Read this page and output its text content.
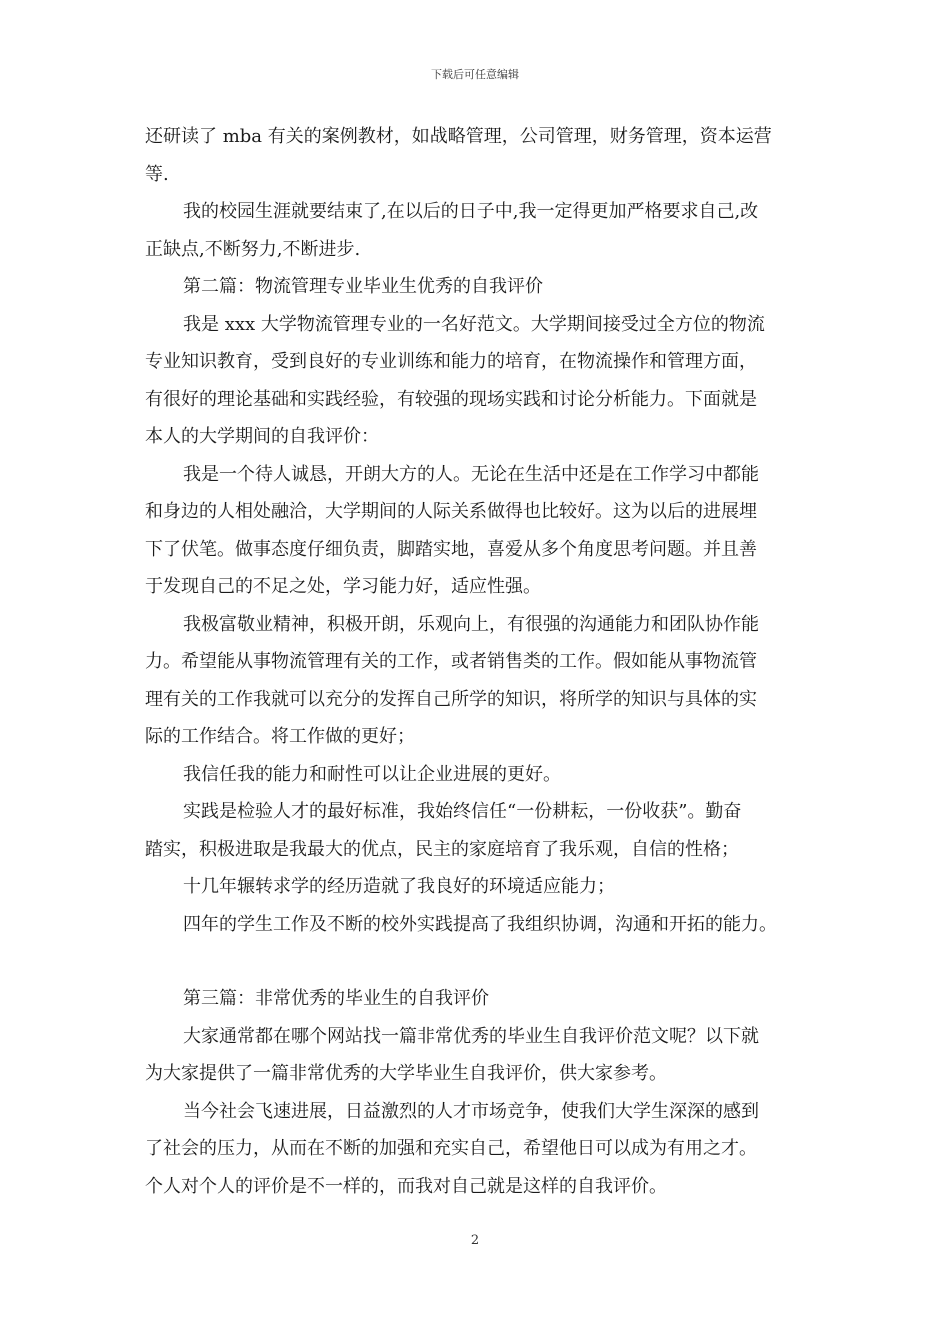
下载后可任意编辑
还研读了 mba 有关的案例教材，如战略管理，公司管理，财务管理，资本运营
等.
我的校园生涯就要结束了,在以后的日子中,我一定得更加严格要求自己,改
正缺点,不断努力,不断进步.
第二篇：物流管理专业毕业生优秀的自我评价
我是 xxx 大学物流管理专业的一名好范文。大学期间接受过全方位的物流
专业知识教育，受到良好的专业训练和能力的培育，在物流操作和管理方面，
有很好的理论基础和实践经验，有较强的现场实践和讨论分析能力。下面就是
本人的大学期间的自我评价：
我是一个待人诚恳，开朗大方的人。无论在生活中还是在工作学习中都能
和身边的人相处融洽，大学期间的人际关系做得也比较好。这为以后的进展埋
下了伏笔。做事态度仔细负责，脚踏实地，喜爱从多个角度思考问题。并且善
于发现自己的不足之处，学习能力好，适应性强。
我极富敬业精神，积极开朗，乐观向上，有很强的沟通能力和团队协作能
力。希望能从事物流管理有关的工作，或者销售类的工作。假如能从事物流管
理有关的工作我就可以充分的发挥自己所学的知识，将所学的知识与具体的实
际的工作结合。将工作做的更好；
我信任我的能力和耐性可以让企业进展的更好。
实践是检验人才的最好标准，我始终信任“一份耕耘，一份收获”。勤奋
踏实，积极进取是我最大的优点，民主的家庭培育了我乐观，自信的性格；
十几年辗转求学的经历造就了我良好的环境适应能力；
四年的学生工作及不断的校外实践提高了我组织协调，沟通和开拓的能力。
第三篇：非常优秀的毕业生的自我评价
大家通常都在哪个网站找一篇非常优秀的毕业生自我评价范文呢？以下就
为大家提供了一篇非常优秀的大学毕业生自我评价，供大家参考。
当今社会飞速进展，日益激烈的人才市场竞争，使我们大学生深深的感到
了社会的压力，从而在不断的加强和充实自己，希望他日可以成为有用之才。
个人对个人的评价是不一样的，而我对自己就是这样的自我评价。
2
